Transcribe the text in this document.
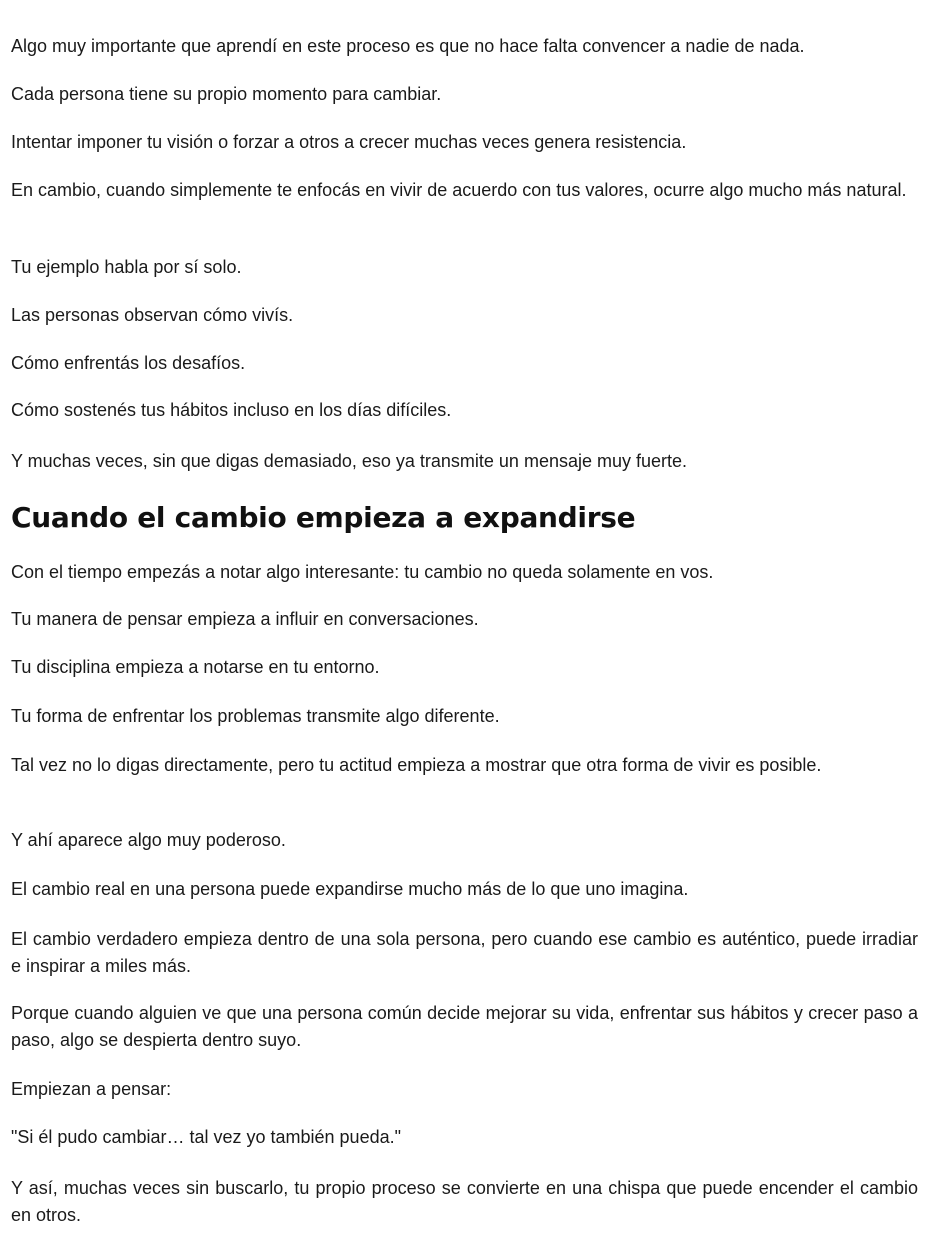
Algo muy importante que aprendí en este proceso es que no hace falta convencer a nadie de nada.

Cada persona tiene su propio momento para cambiar.

Intentar imponer tu visión o forzar a otros a crecer muchas veces genera resistencia.

En cambio, cuando simplemente te enfocás en vivir de acuerdo con tus valores, ocurre algo mucho más natural.

Tu ejemplo habla por sí solo.

Las personas observan cómo vivís.

Cómo enfrentás los desafíos.

Cómo sostenés tus hábitos incluso en los días difíciles.

Y muchas veces, sin que digas demasiado, eso ya transmite un mensaje muy fuerte.

Cuando el cambio empieza a expandirse

Con el tiempo empezás a notar algo interesante: tu cambio no queda solamente en vos.

Tu manera de pensar empieza a influir en conversaciones.

Tu disciplina empieza a notarse en tu entorno.

Tu forma de enfrentar los problemas transmite algo diferente.

Tal vez no lo digas directamente, pero tu actitud empieza a mostrar que otra forma de vivir es posible.

Y ahí aparece algo muy poderoso.

El cambio real en una persona puede expandirse mucho más de lo que uno imagina.

El cambio verdadero empieza dentro de una sola persona, pero cuando ese cambio es auténtico, puede irradiar e inspirar a miles más.

Porque cuando alguien ve que una persona común decide mejorar su vida, enfrentar sus hábitos y crecer paso a paso, algo se despierta dentro suyo.

Empiezan a pensar:

"Si él pudo cambiar… tal vez yo también pueda."

Y así, muchas veces sin buscarlo, tu propio proceso se convierte en una chispa que puede encender el cambio en otros.
